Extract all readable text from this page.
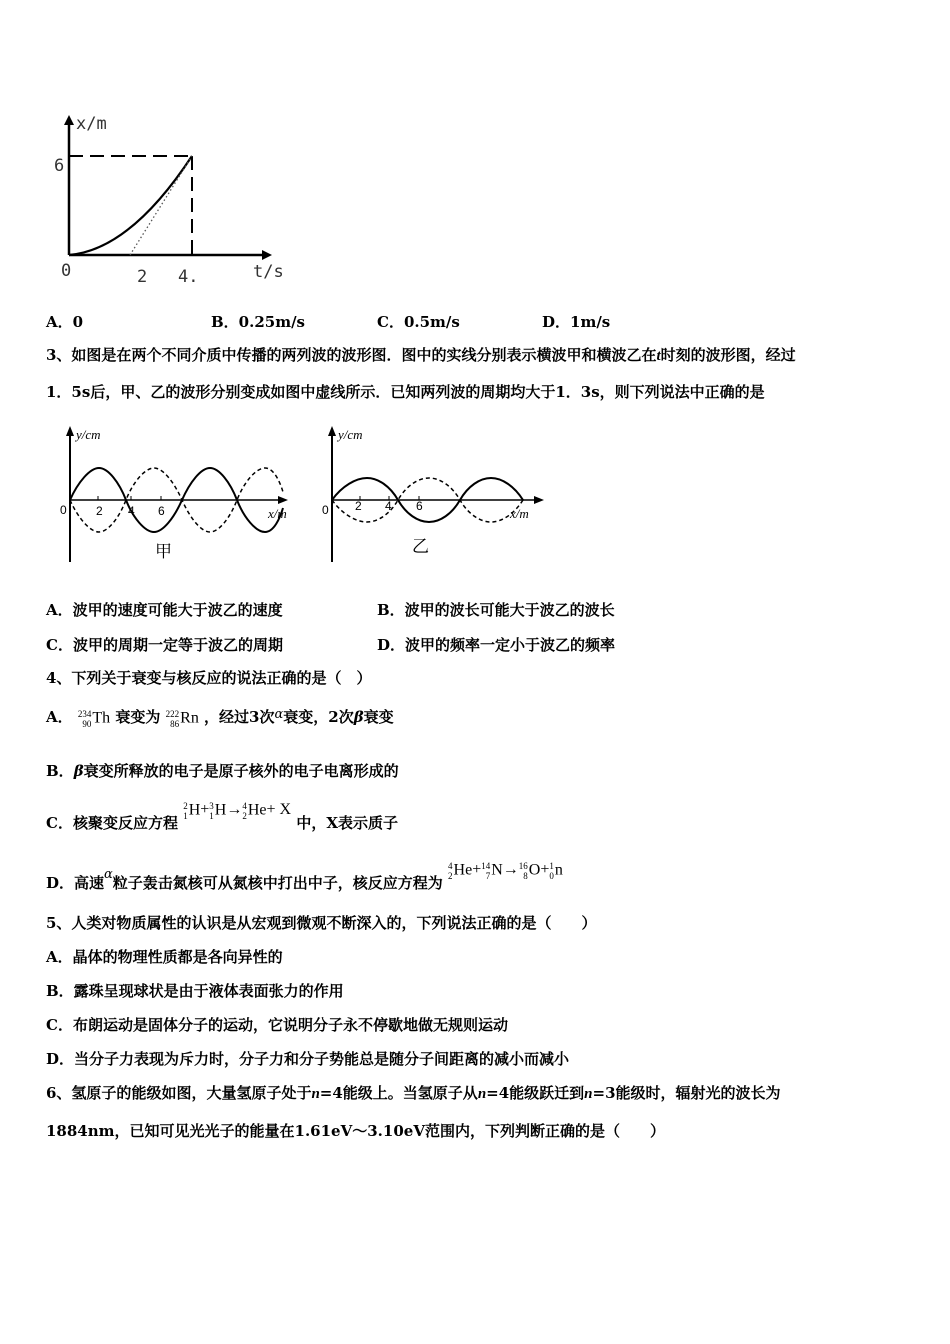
x/m
t/s
6
0	2 4.
A．0	B．0.25m/s	C．0.5m/s	D．1m/s
3、如图是在两个不同介质中传播的两列波的波形图．图中的实线分别表示横波甲和横波乙在t时刻的波形图，经过
1．5s后，甲、乙的波形分别变成如图中虚线所示．已知两列波的周期均大于1．3s，则下列说法中正确的是
y/cm
x/m
0 2 4 6
甲
y/cm
x/m
0 2 4 6
乙
A．波甲的速度可能大于波乙的速度	B．波甲的波长可能大于波乙的波长
C．波甲的周期一定等于波乙的周期	D．波甲的频率一定小于波乙的频率
4、下列关于衰变与核反应的说法正确的是（　）
A． 234
90Th 衰变为 222
86Rn ，经过3次α衰变，2次β衰变
B．β衰变所释放的电子是原子核外的电子电离形成的
C．核聚变反应方程 2
1H+3
1H→4
2He+ X 中，X表示质子
D．高速α粒子轰击氮核可从氮核中打出中子，核反应方程为 4
2He+14
7N→16
8O+1
0n
5、人类对物质属性的认识是从宏观到微观不断深入的，下列说法正确的是（　　）
A．晶体的物理性质都是各向异性的
B．露珠呈现球状是由于液体表面张力的作用
C．布朗运动是固体分子的运动，它说明分子永不停歇地做无规则运动
D．当分子力表现为斥力时，分子力和分子势能总是随分子间距离的减小而减小
6、氢原子的能级如图，大量氢原子处于n=4能级上。当氢原子从n=4能级跃迁到n=3能级时，辐射光的波长为
1884nm，已知可见光光子的能量在1.61eV～3.10eV范围内，下列判断正确的是（　　）
